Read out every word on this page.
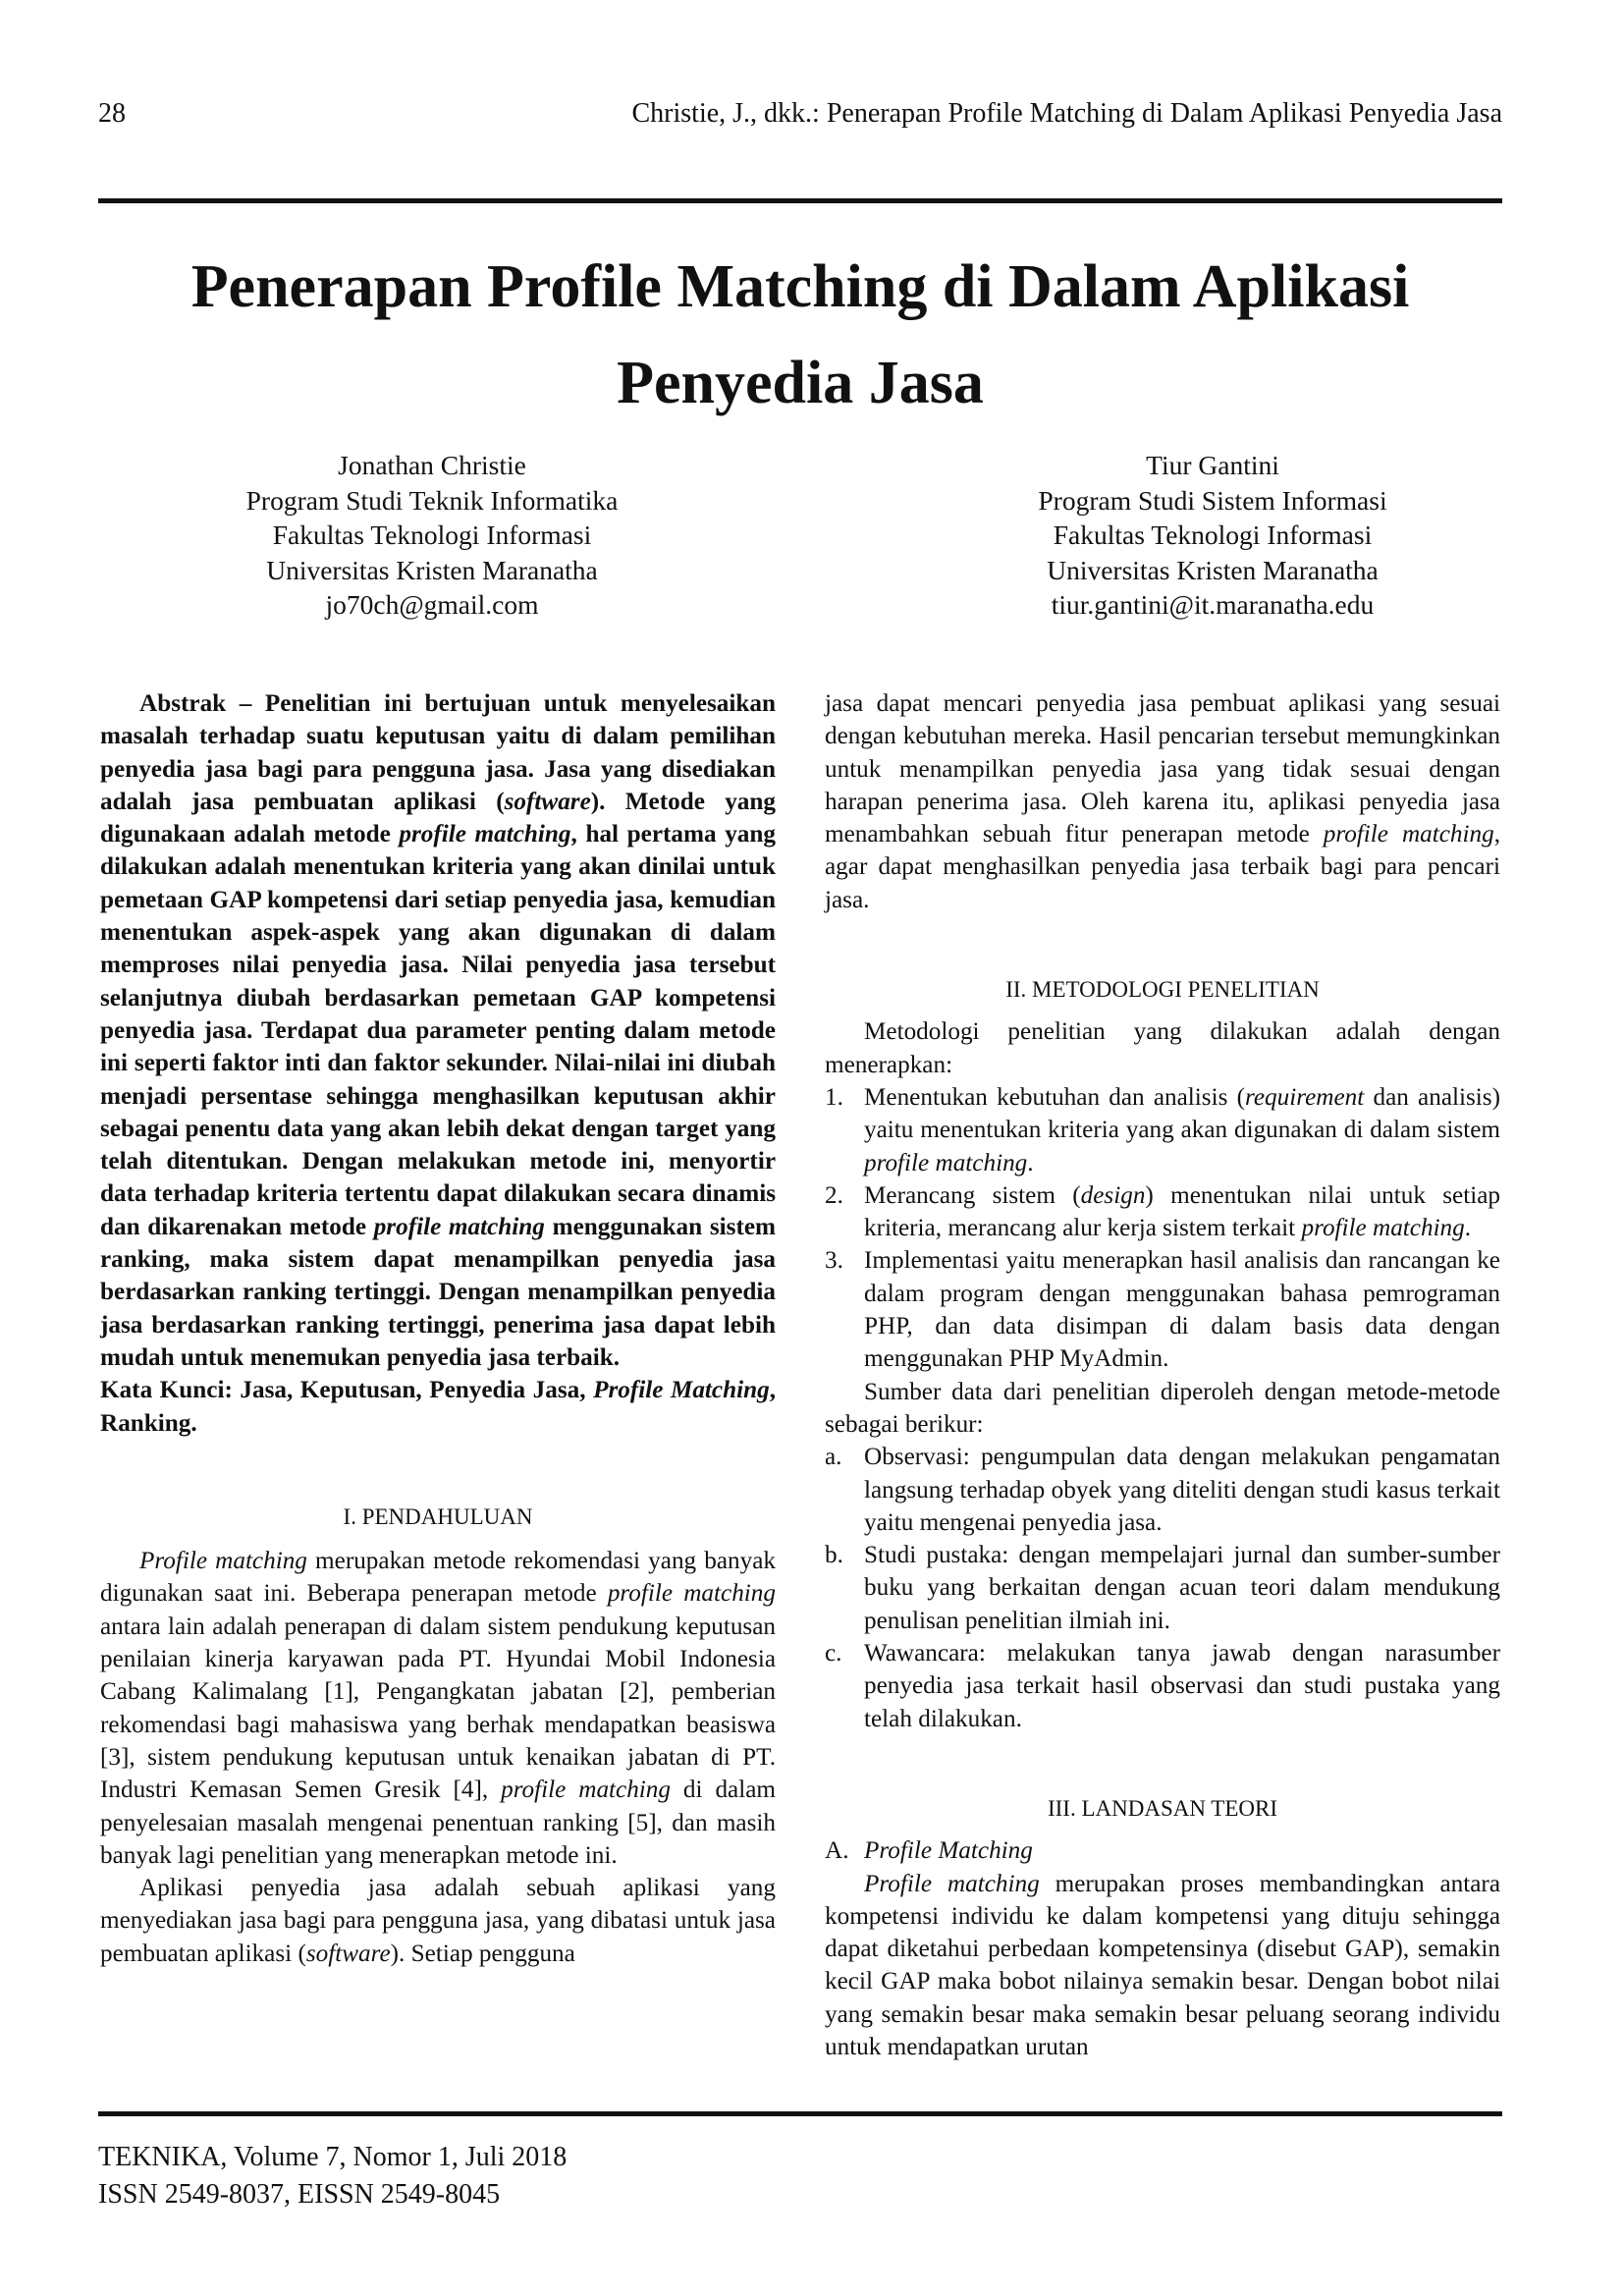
28	Christie, J., dkk.: Penerapan Profile Matching di Dalam Aplikasi Penyedia Jasa
Penerapan Profile Matching di Dalam Aplikasi
Penyedia Jasa
Jonathan Christie
Program Studi Teknik Informatika
Fakultas Teknologi Informasi
Universitas Kristen Maranatha
jo70ch@gmail.com
Tiur Gantini
Program Studi Sistem Informasi
Fakultas Teknologi Informasi
Universitas Kristen Maranatha
tiur.gantini@it.maranatha.edu

Abstrak – Penelitian ini bertujuan untuk menyelesaikan masalah terhadap suatu keputusan yaitu di dalam pemilihan penyedia jasa bagi para pengguna jasa. Jasa yang disediakan adalah jasa pembuatan aplikasi (software). Metode yang digunakaan adalah metode profile matching, hal pertama yang dilakukan adalah menentukan kriteria yang akan dinilai untuk pemetaan GAP kompetensi dari setiap penyedia jasa, kemudian menentukan aspek-aspek yang akan digunakan di dalam memproses nilai penyedia jasa. Nilai penyedia jasa tersebut selanjutnya diubah berdasarkan pemetaan GAP kompetensi penyedia jasa. Terdapat dua parameter penting dalam metode ini seperti faktor inti dan faktor sekunder. Nilai-nilai ini diubah menjadi persentase sehingga menghasilkan keputusan akhir sebagai penentu data yang akan lebih dekat dengan target yang telah ditentukan. Dengan melakukan metode ini, menyortir data terhadap kriteria tertentu dapat dilakukan secara dinamis dan dikarenakan metode profile matching menggunakan sistem ranking, maka sistem dapat menampilkan penyedia jasa berdasarkan ranking tertinggi. Dengan menampilkan penyedia jasa berdasarkan ranking tertinggi, penerima jasa dapat lebih mudah untuk menemukan penyedia jasa terbaik.

Kata Kunci: Jasa, Keputusan, Penyedia Jasa, Profile Matching, Ranking.

I. PENDAHULUAN

Profile matching merupakan metode rekomendasi yang banyak digunakan saat ini. Beberapa penerapan metode profile matching antara lain adalah penerapan di dalam sistem pendukung keputusan penilaian kinerja karyawan pada PT. Hyundai Mobil Indonesia Cabang Kalimalang [1], Pengangkatan jabatan [2], pemberian rekomendasi bagi mahasiswa yang berhak mendapatkan beasiswa [3], sistem pendukung keputusan untuk kenaikan jabatan di PT. Industri Kemasan Semen Gresik [4], profile matching di dalam penyelesaian masalah mengenai penentuan ranking [5], dan masih banyak lagi penelitian yang menerapkan metode ini.

Aplikasi penyedia jasa adalah sebuah aplikasi yang menyediakan jasa bagi para pengguna jasa, yang dibatasi untuk jasa pembuatan aplikasi (software). Setiap pengguna

jasa dapat mencari penyedia jasa pembuat aplikasi yang sesuai dengan kebutuhan mereka. Hasil pencarian tersebut memungkinkan untuk menampilkan penyedia jasa yang tidak sesuai dengan harapan penerima jasa. Oleh karena itu, aplikasi penyedia jasa menambahkan sebuah fitur penerapan metode profile matching, agar dapat menghasilkan penyedia jasa terbaik bagi para pencari jasa.

II. METODOLOGI PENELITIAN

Metodologi penelitian yang dilakukan adalah dengan menerapkan:

1. Menentukan kebutuhan dan analisis (requirement dan analisis) yaitu menentukan kriteria yang akan digunakan di dalam sistem profile matching.
2. Merancang sistem (design) menentukan nilai untuk setiap kriteria, merancang alur kerja sistem terkait profile matching.
3. Implementasi yaitu menerapkan hasil analisis dan rancangan ke dalam program dengan menggunakan bahasa pemrograman PHP, dan data disimpan di dalam basis data dengan menggunakan PHP MyAdmin.

Sumber data dari penelitian diperoleh dengan metode-metode sebagai berikur:

a. Observasi: pengumpulan data dengan melakukan pengamatan langsung terhadap obyek yang diteliti dengan studi kasus terkait yaitu mengenai penyedia jasa.
b. Studi pustaka: dengan mempelajari jurnal dan sumber-sumber buku yang berkaitan dengan acuan teori dalam mendukung penulisan penelitian ilmiah ini.
c. Wawancara: melakukan tanya jawab dengan narasumber penyedia jasa terkait hasil observasi dan studi pustaka yang telah dilakukan.

III. LANDASAN TEORI

A. Profile Matching

Profile matching merupakan proses membandingkan antara kompetensi individu ke dalam kompetensi yang dituju sehingga dapat diketahui perbedaan kompetensinya (disebut GAP), semakin kecil GAP maka bobot nilainya semakin besar. Dengan bobot nilai yang semakin besar maka semakin besar peluang seorang individu untuk mendapatkan urutan

TEKNIKA, Volume 7, Nomor 1, Juli 2018
ISSN 2549-8037, EISSN 2549-8045
